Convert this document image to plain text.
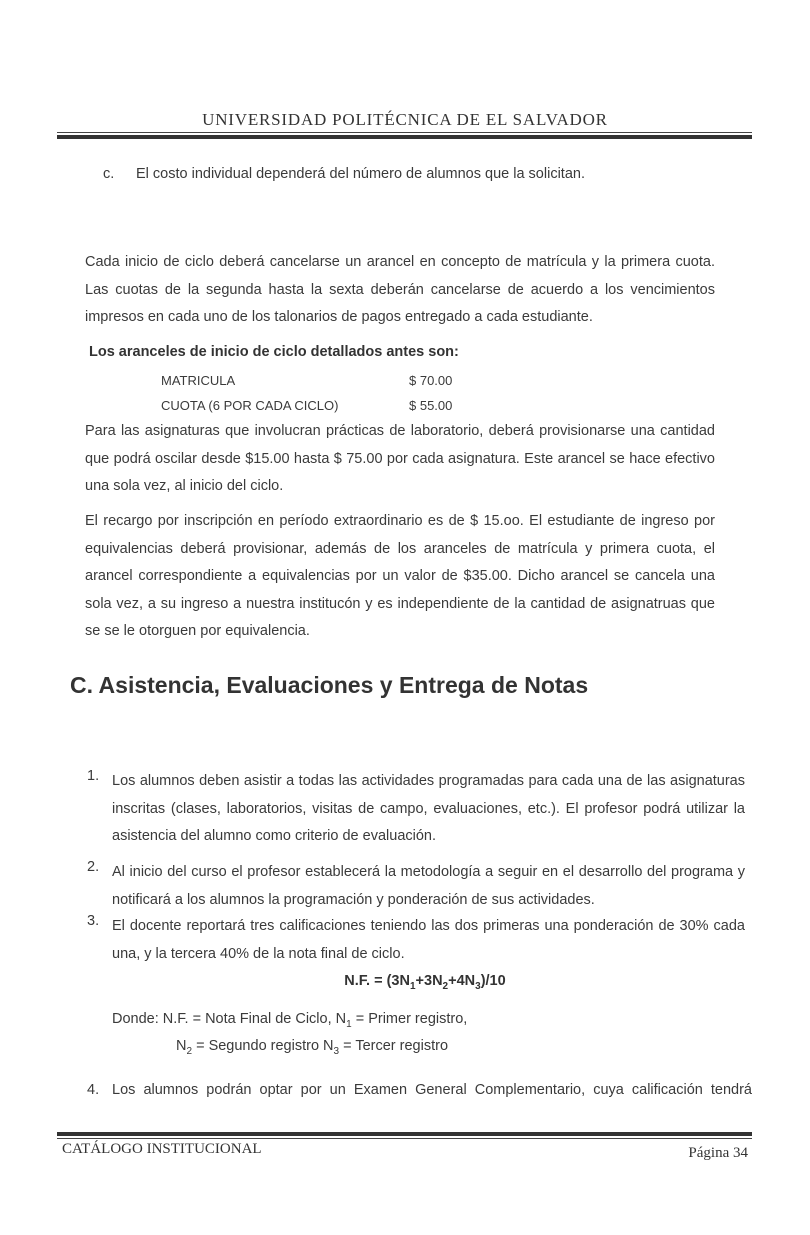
UNIVERSIDAD POLITÉCNICA DE EL SALVADOR
c. El costo individual dependerá del número de alumnos que la solicitan.
Cada inicio de ciclo deberá cancelarse un arancel en concepto de matrícula y la primera cuota. Las cuotas de la segunda hasta la sexta deberán cancelarse de acuerdo a los vencimientos impresos en cada uno de los talonarios de pagos entregado a cada estudiante.
Los aranceles de inicio de ciclo detallados antes son:
MATRICULA	$ 70.00
CUOTA (6 POR CADA CICLO)	$ 55.00
Para las asignaturas que involucran prácticas de laboratorio, deberá provisionarse una cantidad que podrá oscilar desde $15.00 hasta $ 75.00 por cada asignatura. Este arancel se hace efectivo una sola vez, al inicio del ciclo.
El recargo por inscripción en período extraordinario es de $ 15.oo. El estudiante de ingreso por equivalencias deberá provisionar, además de los aranceles de matrícula y primera cuota, el arancel correspondiente a equivalencias por un valor de $35.00. Dicho arancel se cancela una sola vez, a su ingreso a nuestra institucón y es independiente de la cantidad de asignatruas que se se le otorguen por equivalencia.
C. Asistencia, Evaluaciones y Entrega de Notas
1. Los alumnos deben asistir a todas las actividades programadas para cada una de las asignaturas inscritas (clases, laboratorios, visitas de campo, evaluaciones, etc.). El profesor podrá utilizar la asistencia del alumno como criterio de evaluación.
2. Al inicio del curso el profesor establecerá la metodología a seguir en el desarrollo del programa y notificará a los alumnos la programación y ponderación de sus actividades.
3. El docente reportará tres calificaciones teniendo las dos primeras una ponderación de 30% cada una, y la tercera 40% de la nota final de ciclo.
N.F. = $(3N_1+3N_2+4N_3)/10$
Donde: N.F. = Nota Final de Ciclo, $N_1$ = Primer registro,
$N_2$ = Segundo registro $N_3$ = Tercer registro
4. Los alumnos podrán optar por un Examen General Complementario, cuya calificación tendrá
CATÁLOGO INSTITUCIONAL	Página 34
